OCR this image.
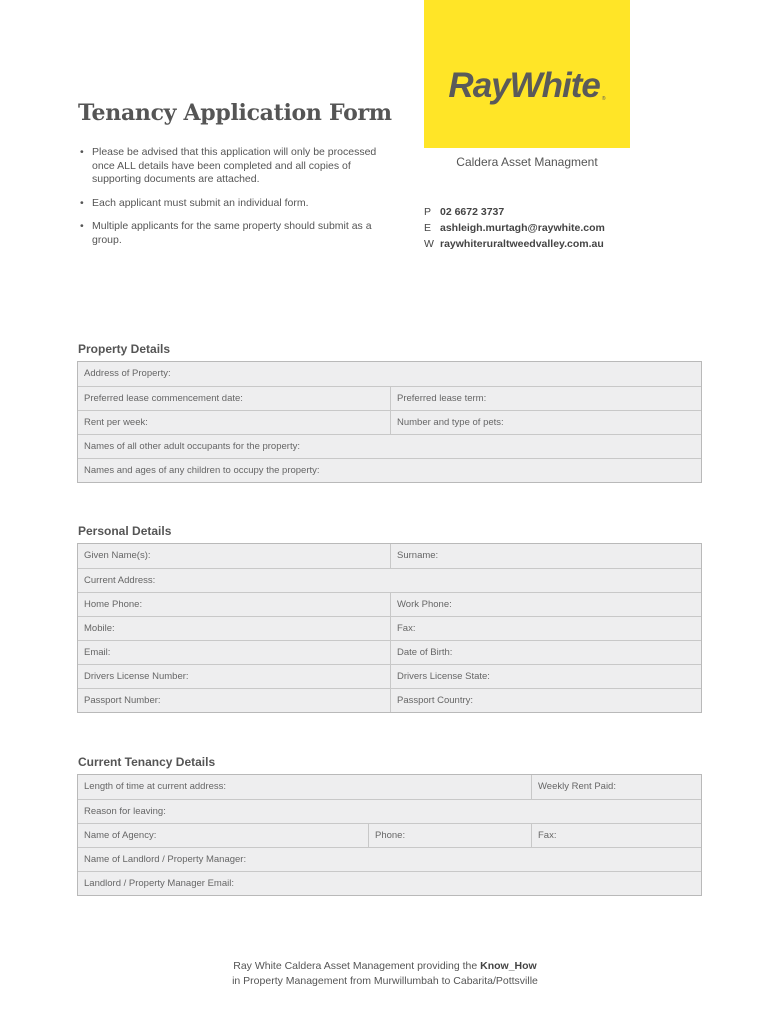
Tenancy Application Form
• Please be advised that this application will only be processed once ALL details have been completed and all copies of supporting documents are attached.
• Each applicant must submit an individual form.
• Multiple applicants for the same property should submit as a group.
RayWhite ®
Caldera Asset Managment
P 02 6672 3737
E ashleigh.murtagh@raywhite.com
W raywhiteruraltweedvalley.com.au
Property Details
Address of Property:
Preferred lease commencement date:	Preferred lease term:
Rent per week:	Number and type of pets:
Names of all other adult occupants for the property:
Names and ages of any children to occupy the property:
Personal Details
Given Name(s):	Surname:
Current Address:
Home Phone:	Work Phone:
Mobile:	Fax:
Email:	Date of Birth:
Drivers License Number:	Drivers License State:
Passport Number:	Passport Country:
Current Tenancy Details
Length of time at current address:	Weekly Rent Paid:
Reason for leaving:
Name of Agency:	Phone:	Fax:
Name of Landlord / Property Manager:
Landlord / Property Manager Email:
Ray White Caldera Asset Management providing the Know_How
in Property Management from Murwillumbah to Cabarita/Pottsville
